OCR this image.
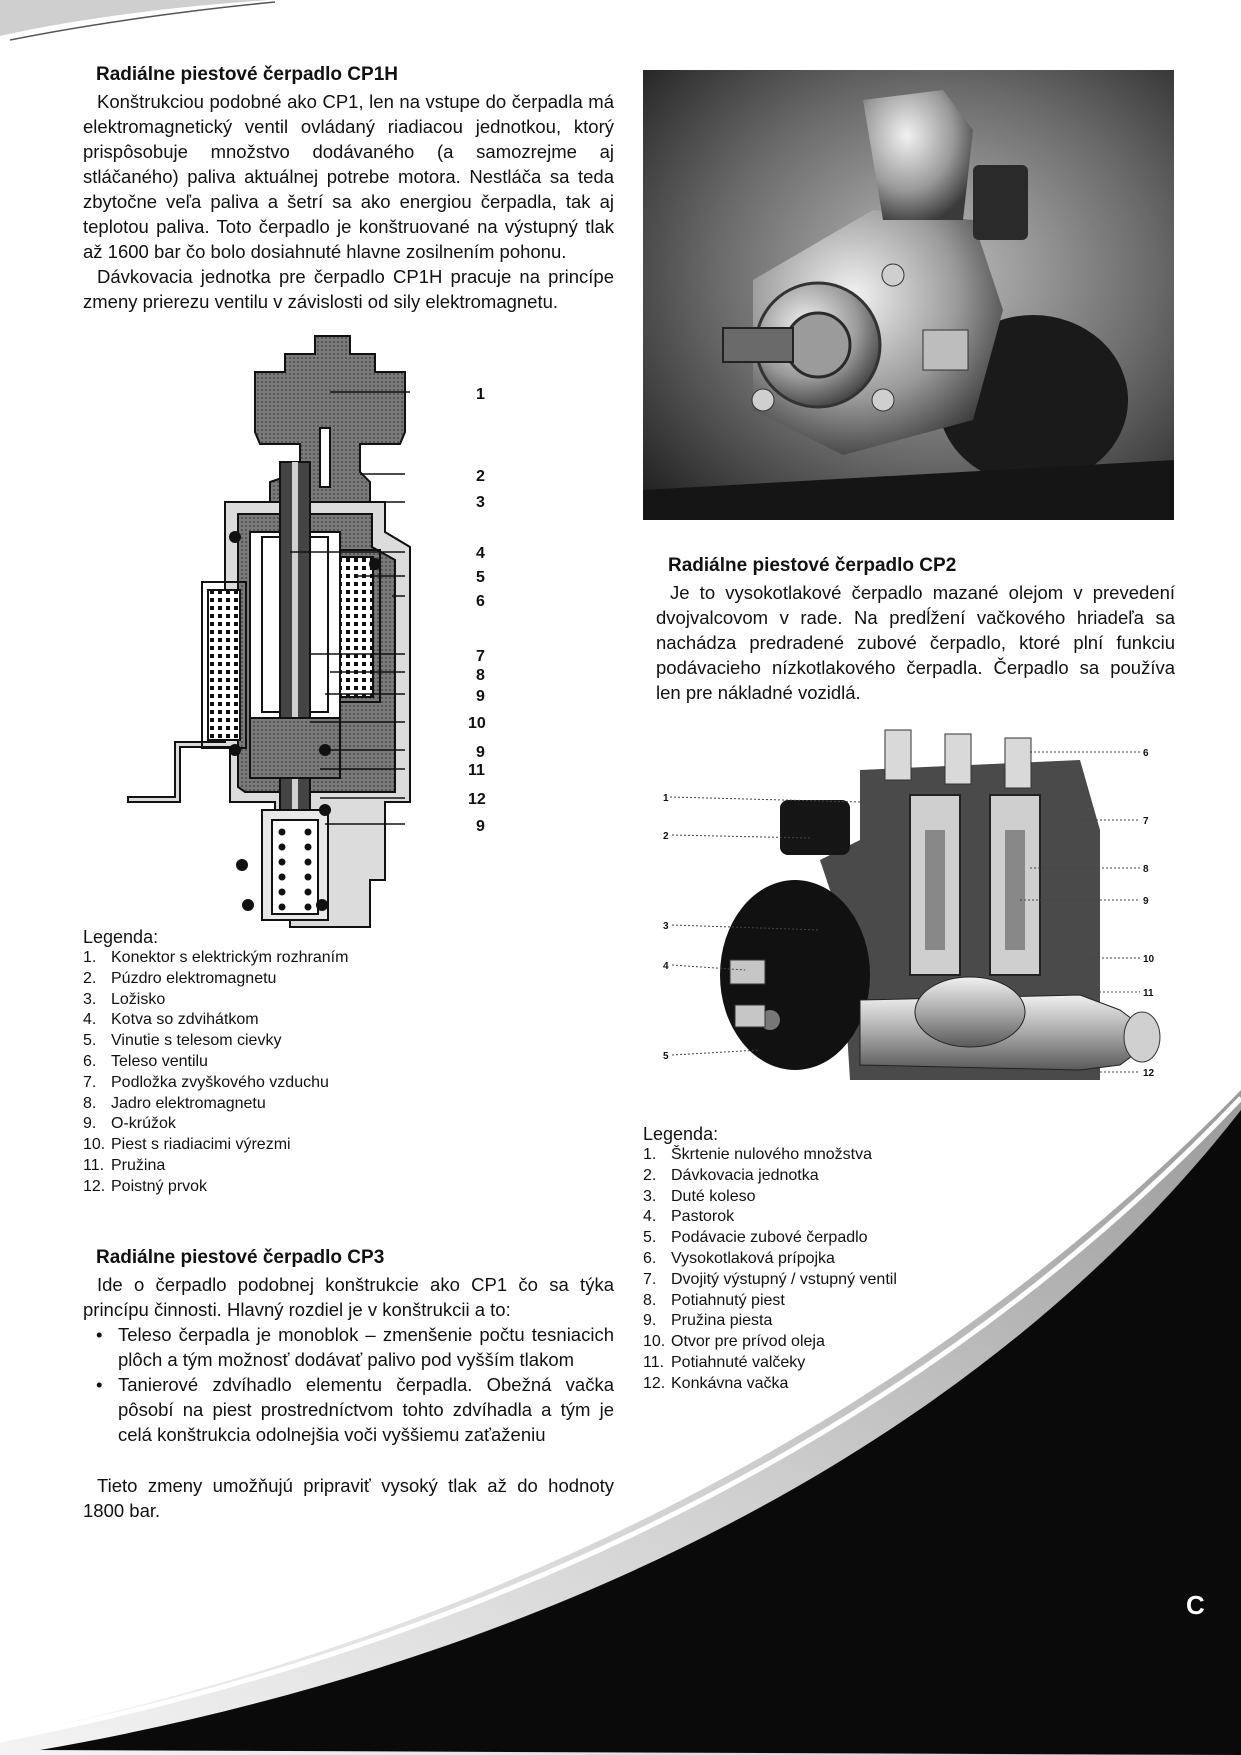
Radiálne piestové čerpadlo CP1H

Konštrukciou podobné ako CP1, len na vstupe do čerpadla má elektromagnetický ventil ovládaný riadiacou jednotkou, ktorý prispôsobuje množstvo dodávaného (a samozrejme aj stláčaného) paliva aktuálnej potrebe motora. Nestláča sa teda zbytočne veľa paliva a šetrí sa ako energiou čerpadla, tak aj teplotou paliva. Toto čerpadlo je konštruované na výstupný tlak až 1600 bar čo bolo dosiahnuté hlavne zosilnením pohonu.

Dávkovacia jednotka pre čerpadlo CP1H pracuje na princípe zmeny prierezu ventilu v závislosti od sily elektromagnetu.

1
2
3
4
5
6
7
8
9
10
9
11
12
9
Legenda:
1. Konektor s elektrickým rozhraním
2. Púzdro elektromagnetu
3. Ložisko
4. Kotva so zdvihátkom
5. Vinutie s telesom cievky
6. Teleso ventilu
7. Podložka zvyškového vzduchu
8. Jadro elektromagnetu
9. O-krúžok
10. Piest s riadiacimi výrezmi
11. Pružina
12. Poistný prvok
Radiálne piestové čerpadlo CP3

Ide o čerpadlo podobnej konštrukcie ako CP1 čo sa týka princípu činnosti. Hlavný rozdiel je v konštrukcii a to:

• Teleso čerpadla je monoblok – zmenšenie počtu tesniacich plôch a tým možnosť dodávať palivo pod vyšším tlakom
• Tanierové zdvíhadlo elementu čerpadla. Obežná vačka pôsobí na piest prostredníctvom tohto zdvíhadla a tým je celá konštrukcia odolnejšia voči vyššiemu zaťaženiu

Tieto zmeny umožňujú pripraviť vysoký tlak až do hodnoty 1800 bar.

Radiálne piestové čerpadlo CP2

Je to vysokotlakové čerpadlo mazané olejom v prevedení dvojvalcovom v rade. Na predĺžení vačkového hriadeľa sa nachádza predradené zubové čerpadlo, ktoré plní funkciu podávacieho nízkotlakového čerpadla. Čerpadlo sa používa len pre nákladné vozidlá.

1
2
3
4
5
6
7
8
9
10
11
12
Legenda:
1. Škrtenie nulového množstva
2. Dávkovacia jednotka
3. Duté koleso
4. Pastorok
5. Podávacie zubové čerpadlo
6. Vysokotlaková prípojka
7. Dvojitý výstupný / vstupný ventil
8. Potiahnutý piest
9. Pružina piesta
10. Otvor pre prívod oleja
11. Potiahnuté valčeky
12. Konkávna vačka
C
